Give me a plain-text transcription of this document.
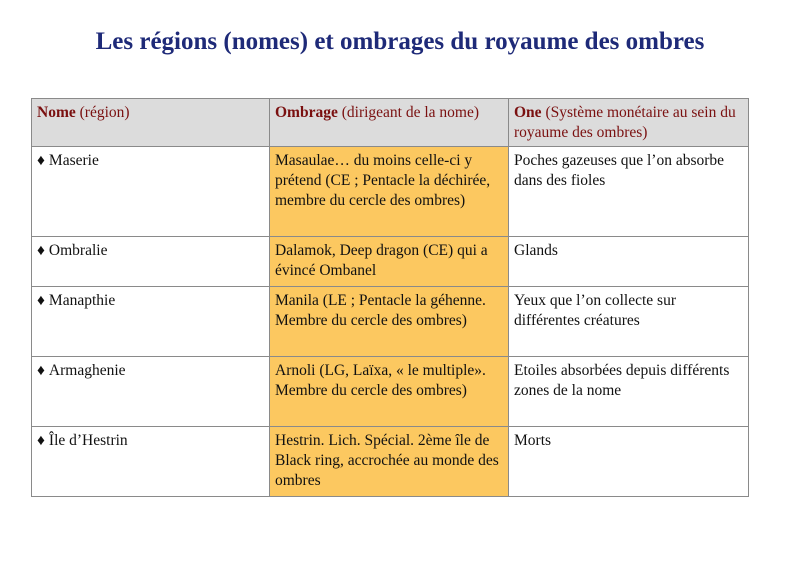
Les régions (nomes) et ombrages du royaume des ombres
Nome (région)	Ombrage (dirigeant de la nome)	One (Système monétaire au sein du royaume des ombres)
♦ Maserie	Masaulae… du moins celle-ci y prétend (CE ; Pentacle la déchirée, membre du cercle des ombres)	Poches gazeuses que l’on absorbe dans des fioles
♦ Ombralie	Dalamok, Deep dragon (CE) qui a évincé Ombanel	Glands
♦ Manapthie	Manila (LE ; Pentacle la géhenne. Membre du cercle des ombres)	Yeux que l’on collecte sur différentes créatures
♦ Armaghenie	Arnoli (LG, Laïxa, « le multiple». Membre du cercle des ombres)	Etoiles absorbées depuis différents zones de la nome
♦ Île d’Hestrin	Hestrin. Lich. Spécial. 2ème île de Black ring, accrochée au monde des ombres	Morts
